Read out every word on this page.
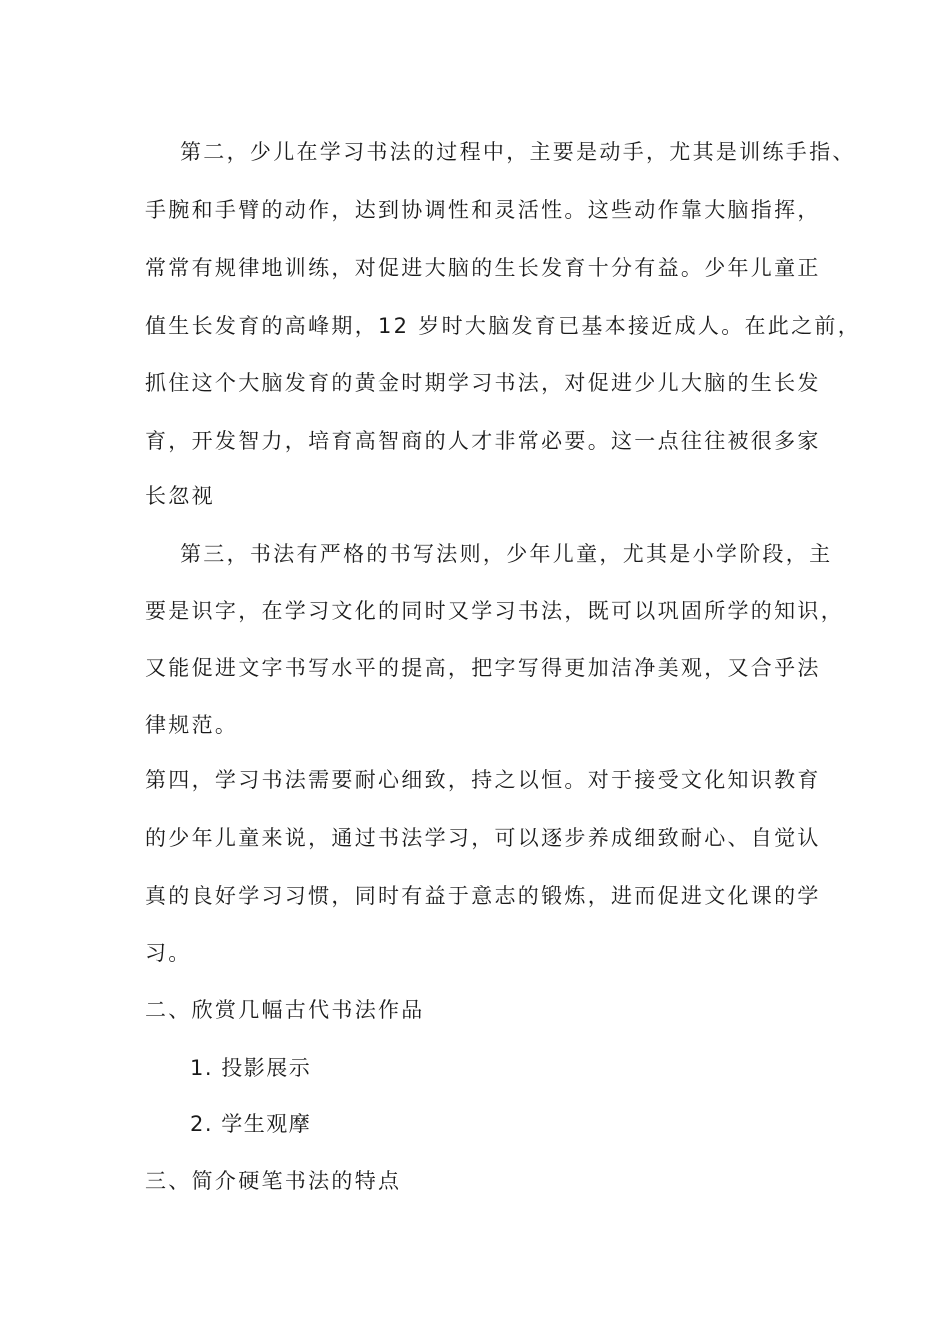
第二，少儿在学习书法的过程中，主要是动手，尤其是训练手指、
手腕和手臂的动作，达到协调性和灵活性。这些动作靠大脑指挥，
常常有规律地训练，对促进大脑的生长发育十分有益。少年儿童正
值生长发育的高峰期，12 岁时大脑发育已基本接近成人。在此之前，
抓住这个大脑发育的黄金时期学习书法，对促进少儿大脑的生长发
育，开发智力，培育高智商的人才非常必要。这一点往往被很多家
长忽视
第三，书法有严格的书写法则，少年儿童，尤其是小学阶段，主
要是识字，在学习文化的同时又学习书法，既可以巩固所学的知识，
又能促进文字书写水平的提高，把字写得更加洁净美观，又合乎法
律规范。
第四，学习书法需要耐心细致，持之以恒。对于接受文化知识教育
的少年儿童来说，通过书法学习，可以逐步养成细致耐心、自觉认
真的良好学习习惯，同时有益于意志的锻炼，进而促进文化课的学
习。
二、欣赏几幅古代书法作品
1. 投影展示
2. 学生观摩
三、简介硬笔书法的特点
